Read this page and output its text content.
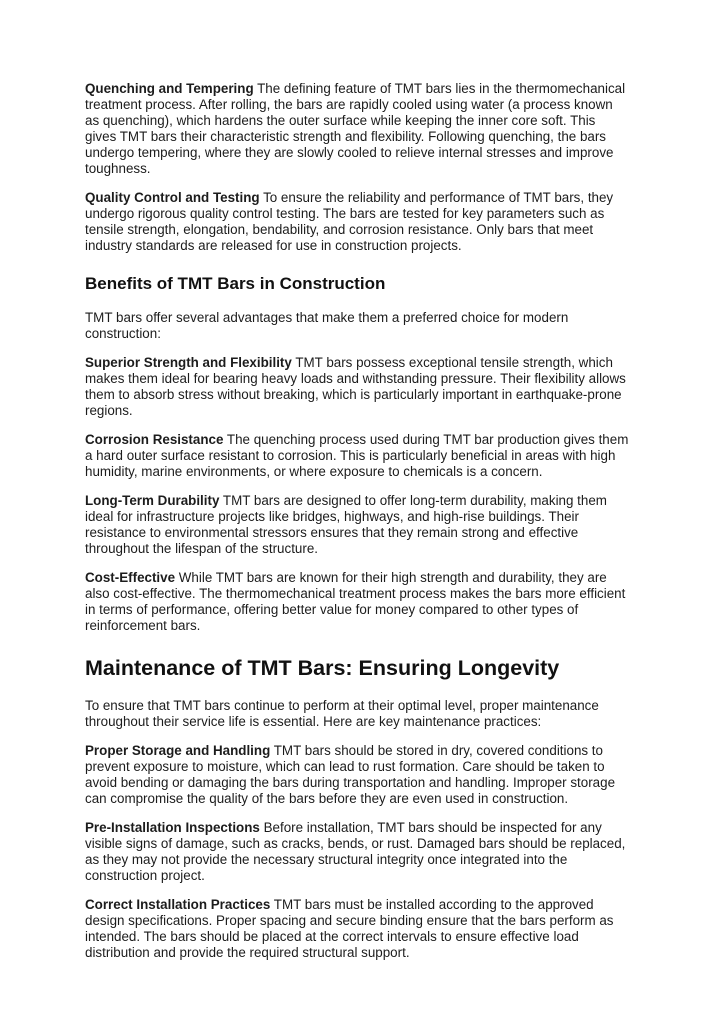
Quenching and Tempering The defining feature of TMT bars lies in the thermomechanical treatment process. After rolling, the bars are rapidly cooled using water (a process known as quenching), which hardens the outer surface while keeping the inner core soft. This gives TMT bars their characteristic strength and flexibility. Following quenching, the bars undergo tempering, where they are slowly cooled to relieve internal stresses and improve toughness.

Quality Control and Testing To ensure the reliability and performance of TMT bars, they undergo rigorous quality control testing. The bars are tested for key parameters such as tensile strength, elongation, bendability, and corrosion resistance. Only bars that meet industry standards are released for use in construction projects.

Benefits of TMT Bars in Construction

TMT bars offer several advantages that make them a preferred choice for modern construction:

Superior Strength and Flexibility TMT bars possess exceptional tensile strength, which makes them ideal for bearing heavy loads and withstanding pressure. Their flexibility allows them to absorb stress without breaking, which is particularly important in earthquake-prone regions.

Corrosion Resistance The quenching process used during TMT bar production gives them a hard outer surface resistant to corrosion. This is particularly beneficial in areas with high humidity, marine environments, or where exposure to chemicals is a concern.

Long-Term Durability TMT bars are designed to offer long-term durability, making them ideal for infrastructure projects like bridges, highways, and high-rise buildings. Their resistance to environmental stressors ensures that they remain strong and effective throughout the lifespan of the structure.

Cost-Effective While TMT bars are known for their high strength and durability, they are also cost-effective. The thermomechanical treatment process makes the bars more efficient in terms of performance, offering better value for money compared to other types of reinforcement bars.

Maintenance of TMT Bars: Ensuring Longevity

To ensure that TMT bars continue to perform at their optimal level, proper maintenance throughout their service life is essential. Here are key maintenance practices:

Proper Storage and Handling TMT bars should be stored in dry, covered conditions to prevent exposure to moisture, which can lead to rust formation. Care should be taken to avoid bending or damaging the bars during transportation and handling. Improper storage can compromise the quality of the bars before they are even used in construction.

Pre-Installation Inspections Before installation, TMT bars should be inspected for any visible signs of damage, such as cracks, bends, or rust. Damaged bars should be replaced, as they may not provide the necessary structural integrity once integrated into the construction project.

Correct Installation Practices TMT bars must be installed according to the approved design specifications. Proper spacing and secure binding ensure that the bars perform as intended. The bars should be placed at the correct intervals to ensure effective load distribution and provide the required structural support.
